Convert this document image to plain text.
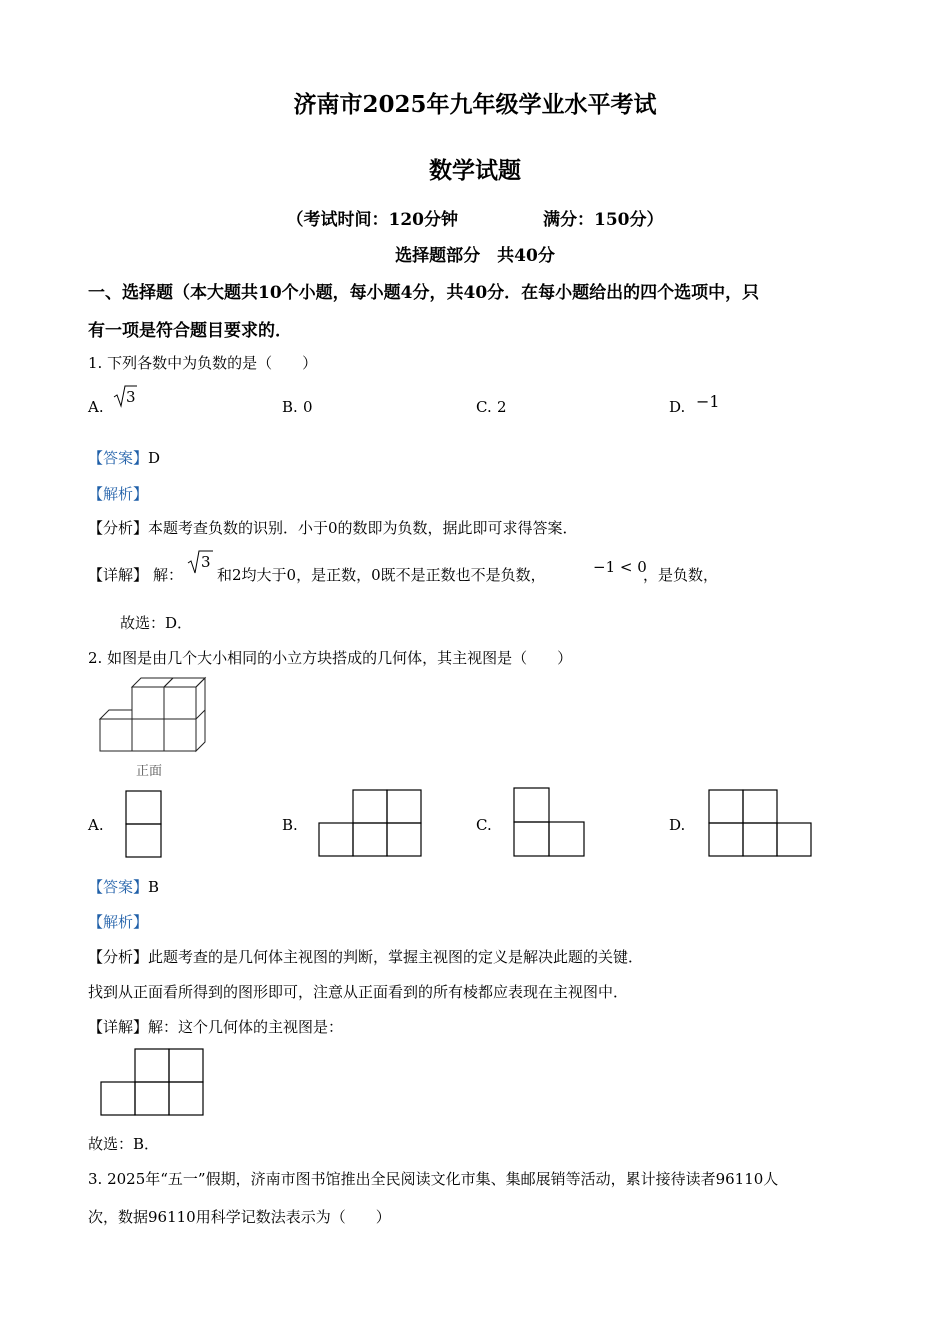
济南市2025年九年级学业水平考试
数学试题
（考试时间：120分钟　　　　　满分：150分）
选择题部分　共40分
一、选择题（本大题共10个小题，每小题4分，共40分．在每小题给出的四个选项中，只
有一项是符合题目要求的．
1. 下列各数中为负数的是（　　）
A.
3
B. 0	C. 2	D. −1
【答案】D
【解析】
【分析】本题考查负数的识别．小于0的数即为负数，据此即可求得答案．
【详解】 解：
3
和2均大于0，是正数，0既不是正数也不是负数，	−1 < 0
，是负数，
故选：D．
2. 如图是由几个大小相同的小立方块搭成的几何体，其主视图是（　　）
正面
A.	B.	C.	D.
【答案】B
【解析】
【分析】此题考查的是几何体主视图的判断，掌握主视图的定义是解决此题的关键．
找到从正面看所得到的图形即可，注意从正面看到的所有棱都应表现在主视图中．
【详解】解：这个几何体的主视图是：
故选：B．
3. 2025年“五一”假期，济南市图书馆推出全民阅读文化市集、集邮展销等活动，累计接待读者96110人
次，数据96110用科学记数法表示为（　　）
